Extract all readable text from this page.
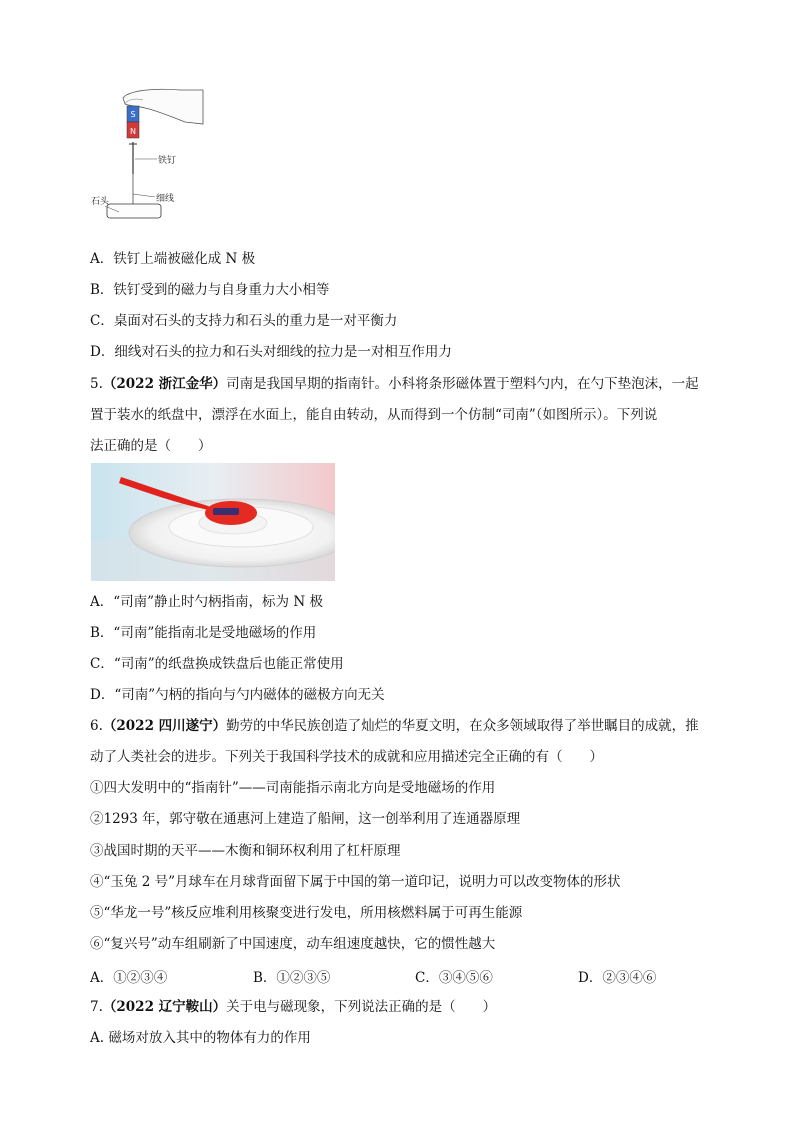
S
N
铁钉
细线
石头
A．铁钉上端被磁化成 N 极
B．铁钉受到的磁力与自身重力大小相等
C．桌面对石头的支持力和石头的重力是一对平衡力
D．细线对石头的拉力和石头对细线的拉力是一对相互作用力
5.（2022 浙江金华）司南是我国早期的指南针。小科将条形磁体置于塑料勺内，在勺下垫泡沫，一起
置于装水的纸盘中，漂浮在水面上，能自由转动，从而得到一个仿制“司南”（如图所示）。下列说
法正确的是（　　）
A．“司南”静止时勺柄指南，标为 N 极
B．“司南”能指南北是受地磁场的作用
C．“司南”的纸盘换成铁盘后也能正常使用
D．“司南”勺柄的指向与勺内磁体的磁极方向无关
6.（2022 四川遂宁）勤劳的中华民族创造了灿烂的华夏文明，在众多领域取得了举世瞩目的成就，推
动了人类社会的进步。下列关于我国科学技术的成就和应用描述完全正确的有（　　）
①四大发明中的“指南针”——司南能指示南北方向是受地磁场的作用
②1293 年，郭守敬在通惠河上建造了船闸，这一创举利用了连通器原理
③战国时期的天平——木衡和铜环权利用了杠杆原理
④“玉兔 2 号”月球车在月球背面留下属于中国的第一道印记，说明力可以改变物体的形状
⑤“华龙一号”核反应堆利用核聚变进行发电，所用核燃料属于可再生能源
⑥“复兴号”动车组刷新了中国速度，动车组速度越快，它的惯性越大
A．①②③④	B．①②③⑤	C．③④⑤⑥	D．②③④⑥
7.（2022 辽宁鞍山）关于电与磁现象，下列说法正确的是（　　）
A. 磁场对放入其中的物体有力的作用
